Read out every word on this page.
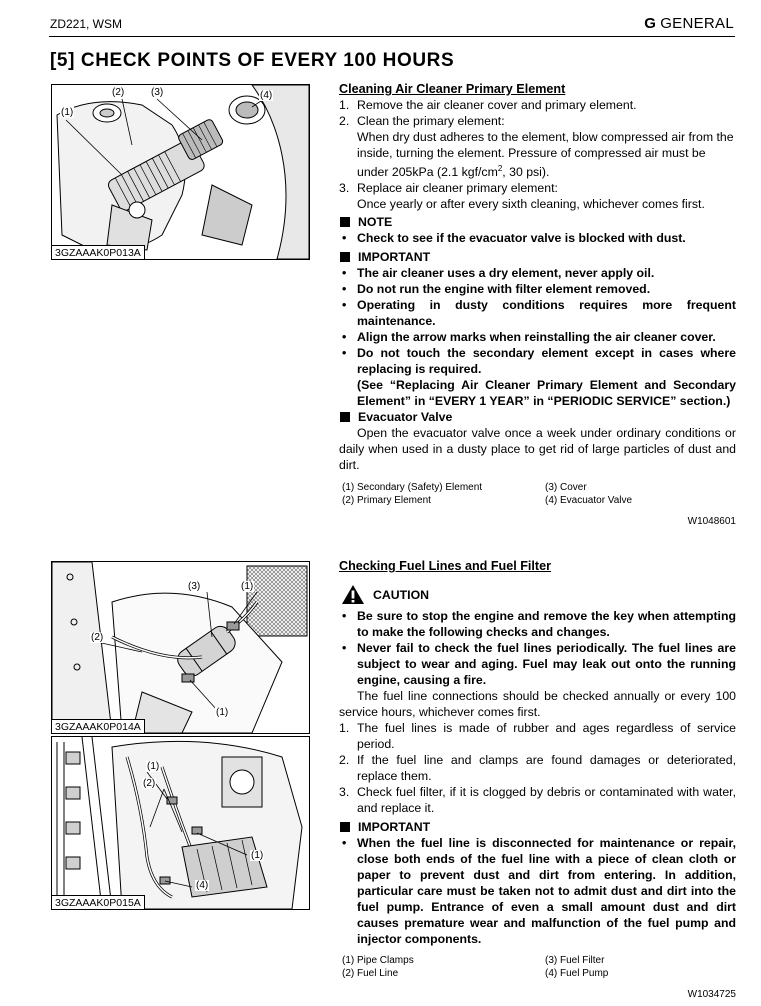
ZD221, WSM	G GENERAL
[5] CHECK POINTS OF EVERY 100 HOURS
(1)
(2)	(3)	(4)
3GZAAAK0P013A
(3)	(1)
(2)
(1)
3GZAAAK0P014A
(1)
(2)
(1)
(4)
3GZAAAK0P015A
Cleaning Air Cleaner Primary Element
1. Remove the air cleaner cover and primary element.
2. Clean the primary element:
When dry dust adheres to the element, blow compressed air from the inside, turning the element. Pressure of compressed air must be under 205kPa (2.1 kgf/$cm^2$, 30 psi).
3. Replace air cleaner primary element:
Once yearly or after every sixth cleaning, whichever comes first.
NOTE
• Check to see if the evacuator valve is blocked with dust.
IMPORTANT
• The air cleaner uses a dry element, never apply oil.
• Do not run the engine with filter element removed.
• Operating in dusty conditions requires more frequent maintenance.
• Align the arrow marks when reinstalling the air cleaner cover.
• Do not touch the secondary element except in cases where replacing is required.
(See “Replacing Air Cleaner Primary Element and Secondary Element” in “EVERY 1 YEAR” in “PERIODIC SERVICE” section.)
Evacuator Valve
Open the evacuator valve once a week under ordinary conditions or daily when used in a dusty place to get rid of large particles of dust and dirt.
(1) Secondary (Safety) Element	(3) Cover
(2) Primary Element	(4) Evacuator Valve
W1048601
Checking Fuel Lines and Fuel Filter
CAUTION
• Be sure to stop the engine and remove the key when attempting to make the following checks and changes.
• Never fail to check the fuel lines periodically. The fuel lines are subject to wear and aging. Fuel may leak out onto the running engine, causing a fire.
The fuel line connections should be checked annually or every 100 service hours, whichever comes first.
1. The fuel lines is made of rubber and ages regardless of service period.
2. If the fuel line and clamps are found damages or deteriorated, replace them.
3. Check fuel filter, if it is clogged by debris or contaminated with water, and replace it.
IMPORTANT
• When the fuel line is disconnected for maintenance or repair, close both ends of the fuel line with a piece of clean cloth or paper to prevent dust and dirt from entering. In addition, particular care must be taken not to admit dust and dirt into the fuel pump. Entrance of even a small amount dust and dirt causes premature wear and malfunction of the fuel pump and injector components.
(1) Pipe Clamps	(3) Fuel Filter
(2) Fuel Line	(4) Fuel Pump
W1034725
